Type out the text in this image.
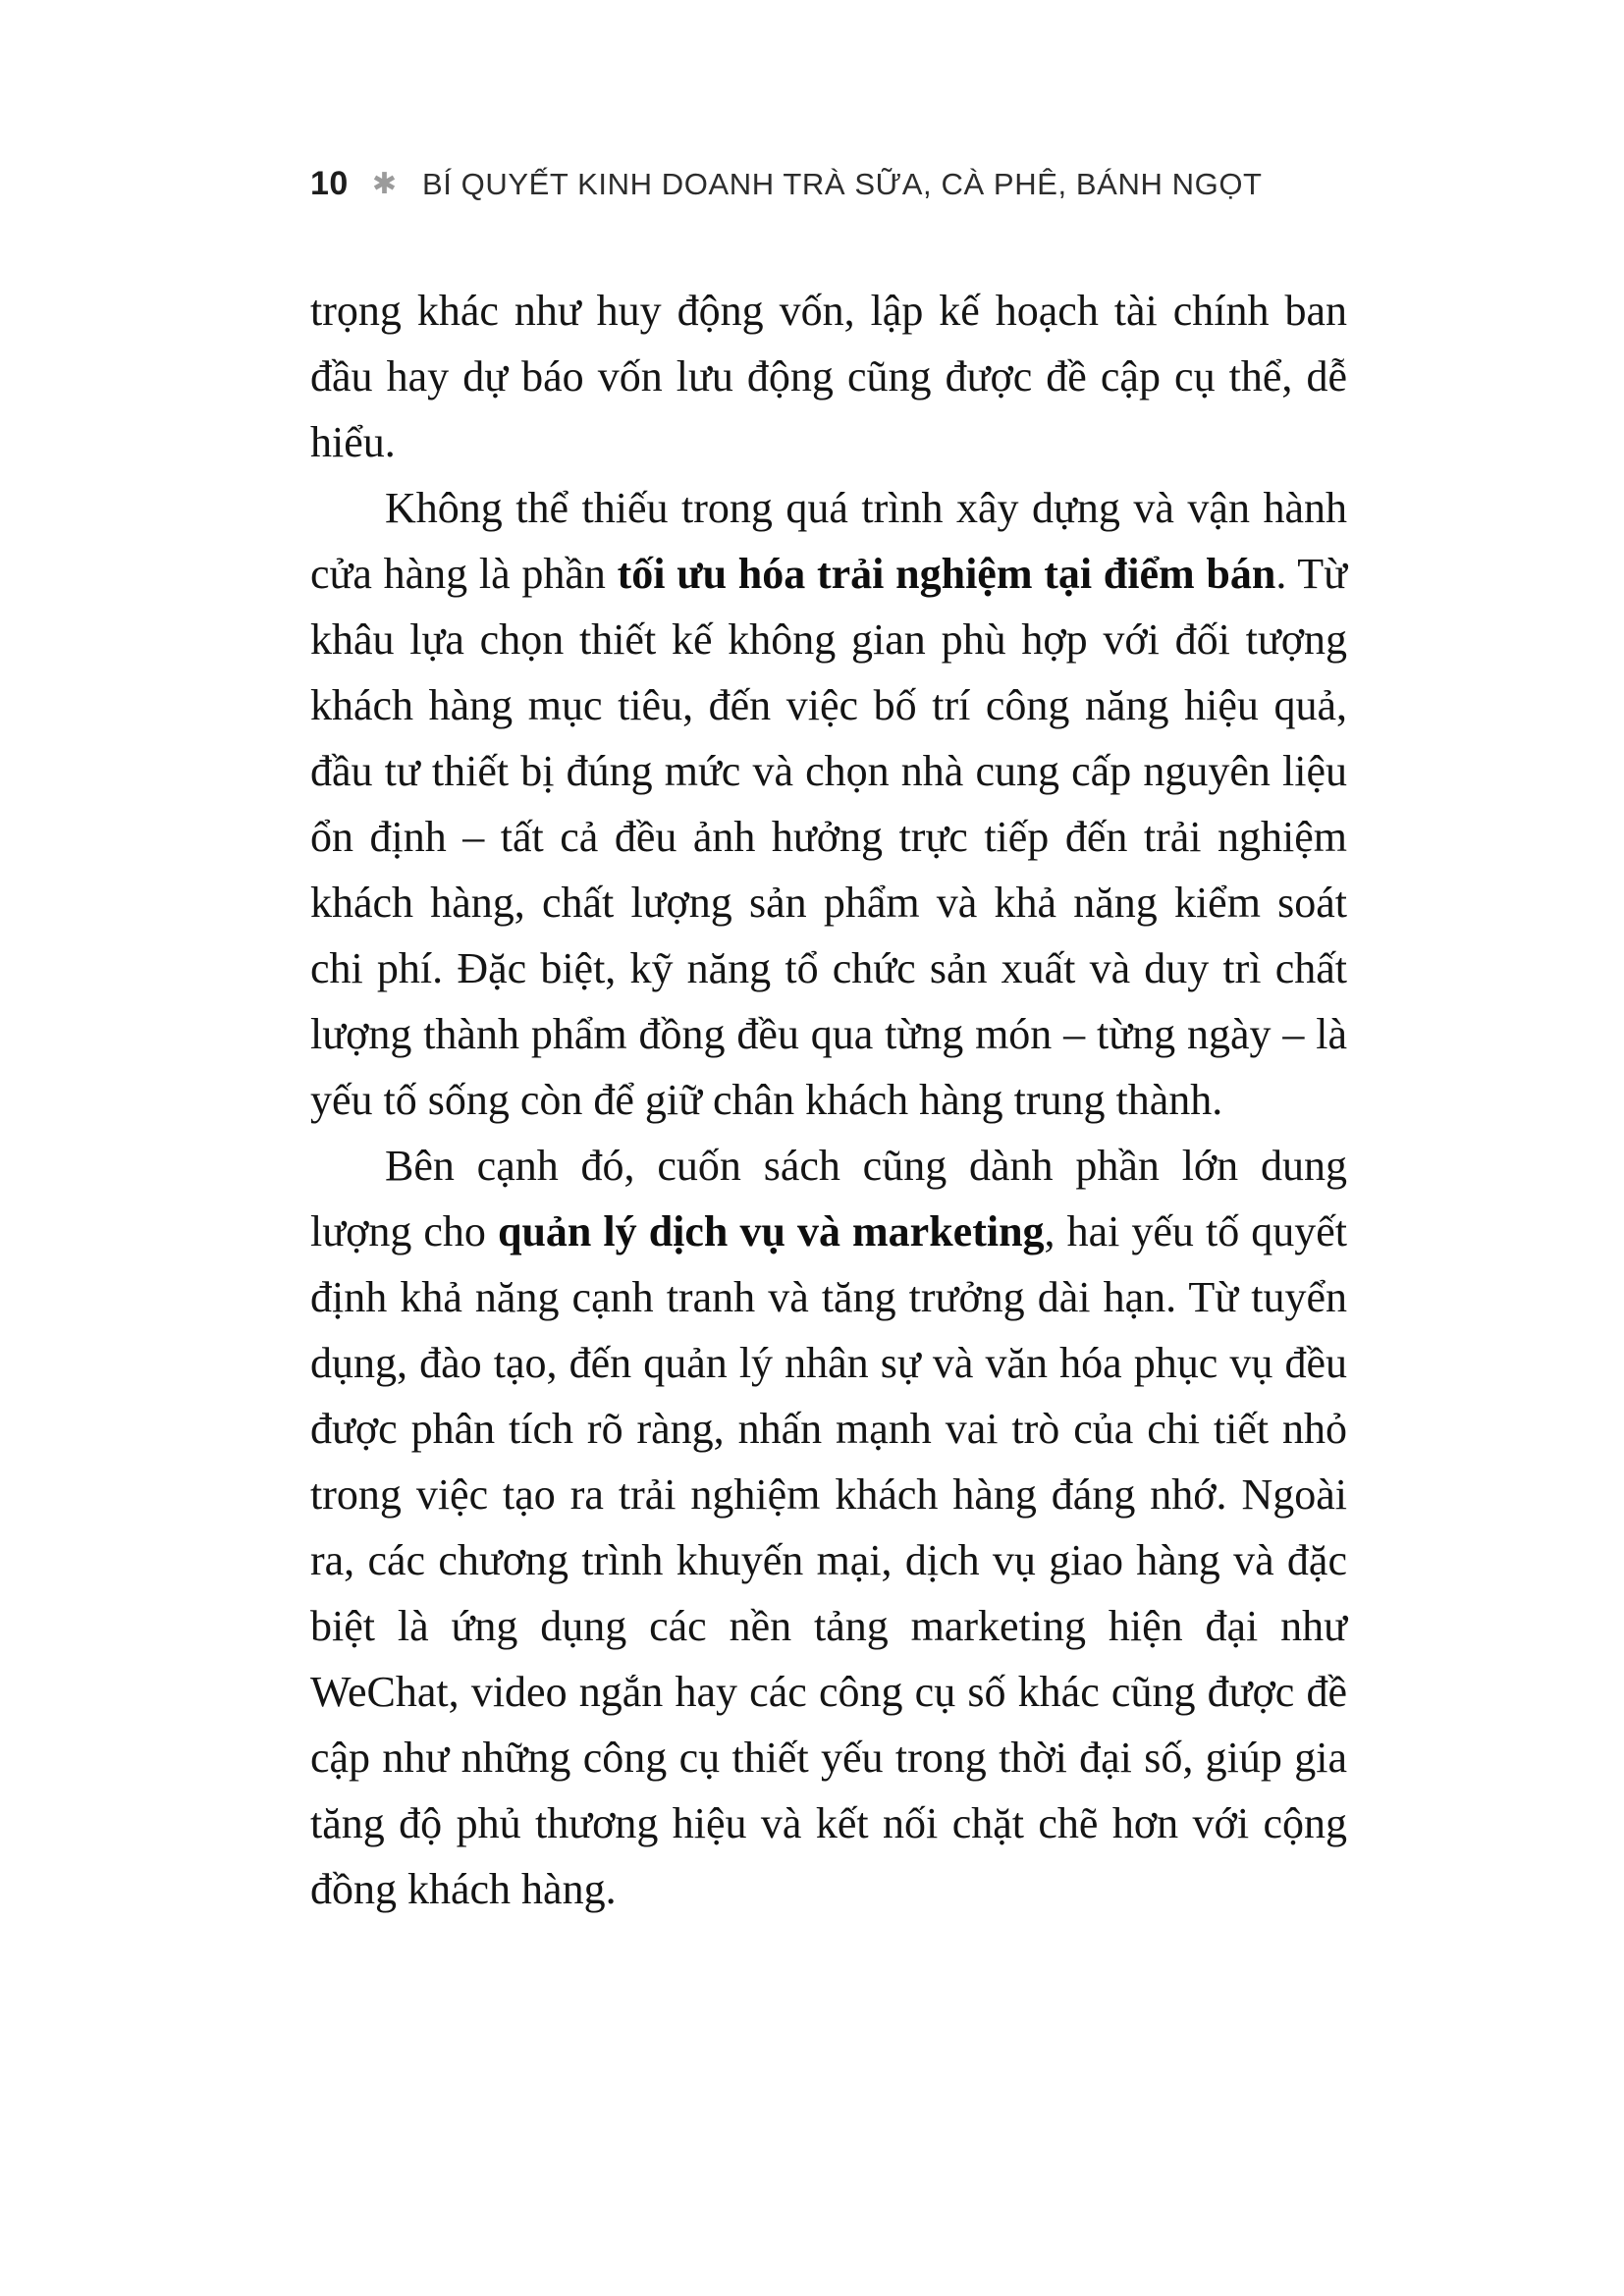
10 ✱ BÍ QUYẾT KINH DOANH TRÀ SỮA, CÀ PHÊ, BÁNH NGỌT

trọng khác như huy động vốn, lập kế hoạch tài chính ban đầu hay dự báo vốn lưu động cũng được đề cập cụ thể, dễ hiểu.

Không thể thiếu trong quá trình xây dựng và vận hành cửa hàng là phần tối ưu hóa trải nghiệm tại điểm bán. Từ khâu lựa chọn thiết kế không gian phù hợp với đối tượng khách hàng mục tiêu, đến việc bố trí công năng hiệu quả, đầu tư thiết bị đúng mức và chọn nhà cung cấp nguyên liệu ổn định – tất cả đều ảnh hưởng trực tiếp đến trải nghiệm khách hàng, chất lượng sản phẩm và khả năng kiểm soát chi phí. Đặc biệt, kỹ năng tổ chức sản xuất và duy trì chất lượng thành phẩm đồng đều qua từng món – từng ngày – là yếu tố sống còn để giữ chân khách hàng trung thành.

Bên cạnh đó, cuốn sách cũng dành phần lớn dung lượng cho quản lý dịch vụ và marketing, hai yếu tố quyết định khả năng cạnh tranh và tăng trưởng dài hạn. Từ tuyển dụng, đào tạo, đến quản lý nhân sự và văn hóa phục vụ đều được phân tích rõ ràng, nhấn mạnh vai trò của chi tiết nhỏ trong việc tạo ra trải nghiệm khách hàng đáng nhớ. Ngoài ra, các chương trình khuyến mại, dịch vụ giao hàng và đặc biệt là ứng dụng các nền tảng marketing hiện đại như WeChat, video ngắn hay các công cụ số khác cũng được đề cập như những công cụ thiết yếu trong thời đại số, giúp gia tăng độ phủ thương hiệu và kết nối chặt chẽ hơn với cộng đồng khách hàng.
